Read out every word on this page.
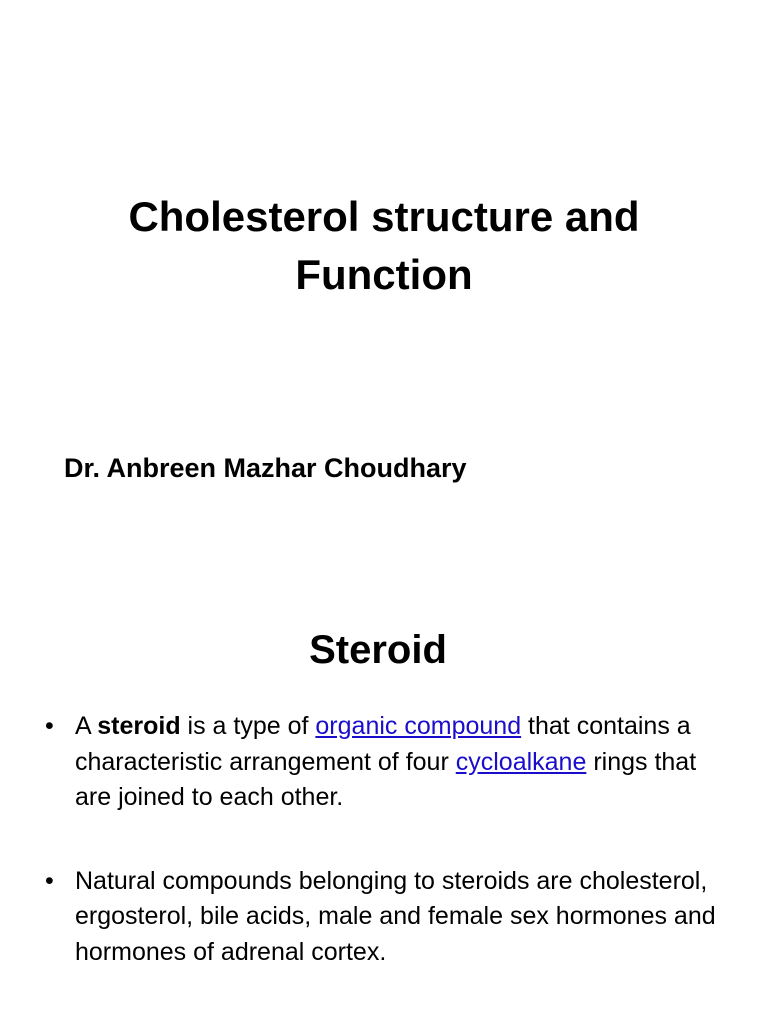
Cholesterol structure and
Function

Dr. Anbreen Mazhar Choudhary

Steroid
• A steroid is a type of organic compound that contains a characteristic arrangement of four cycloalkane rings that are joined to each other.
• Natural compounds belonging to steroids are cholesterol, ergosterol, bile acids, male and female sex hormones and hormones of adrenal cortex.
